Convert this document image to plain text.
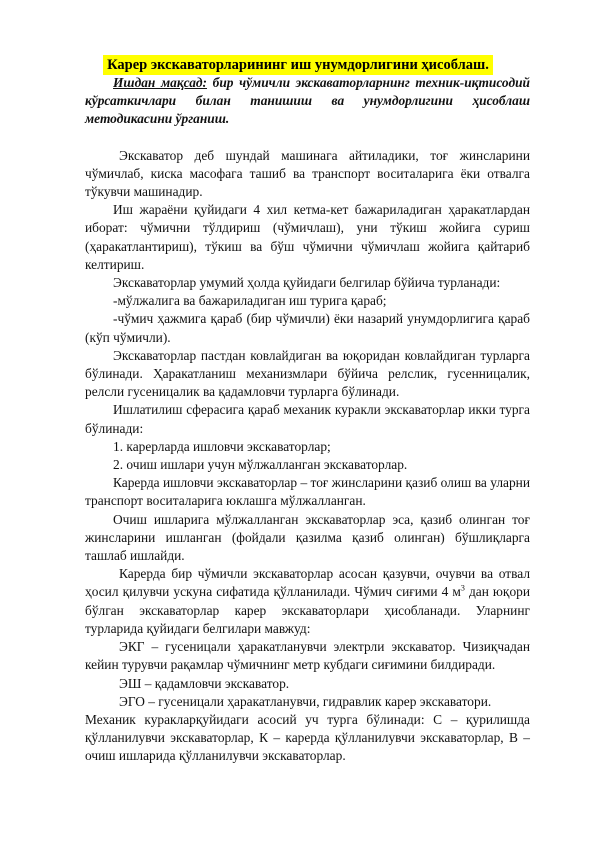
Карер экскаваторларининг иш унумдорлигини ҳисоблаш.

Ишдан мақсад: бир чўмичли экскаваторларнинг техник-иқтисодий кўрсаткичлари билан танишиш ва унумдорлигини ҳисоблаш методикасини ўрганиш.

Экскаватор деб шундай машинага айтиладики, тоғ жинсларини чўмичлаб, киска масофага ташиб ва транспорт воситаларига ёки отвалга тўкувчи машинадир.

Иш жараёни қуйидаги 4 хил кетма-кет бажариладиган ҳаракатлардан иборат: чўмични тўлдириш (чўмичлаш), уни тўкиш жойига суриш (ҳаракатлантириш), тўкиш ва бўш чўмични чўмичлаш жойига қайтариб келтириш.

Экскаваторлар умумий ҳолда қуйидаги белгилар бўйича турланади:

-мўлжалига ва бажариладиган иш турига қараб;

-чўмич ҳажмига қараб (бир чўмичли) ёки назарий унумдорлигига қараб (кўп чўмичли).

Экскаваторлар пастдан ковлайдиган ва юқоридан ковлайдиган турларга бўлинади. Ҳаракатланиш механизмлари бўйича релслик, гусенницалик, релсли гусеницалик ва қадамловчи турларга бўлинади.

Ишлатилиш сферасига қараб механик куракли экскаваторлар икки турга бўлинади:

1. карерларда ишловчи экскаваторлар;

2. очиш ишлари учун мўлжалланган экскаваторлар.

Карерда ишловчи экскаваторлар – тоғ жинсларини қазиб олиш ва уларни транспорт воситаларига юклашга мўлжалланган.

Очиш ишларига мўлжалланган экскаваторлар эса, қазиб олинган тоғ жинсларини ишланган (фойдали қазилма қазиб олинган) бўшлиқларга ташлаб ишлайди.

Карерда бир чўмичли экскаваторлар асосан қазувчи, очувчи ва отвал ҳосил қилувчи ускуна сифатида қўлланилади. Чўмич сиғими 4 $м^3$ дан юқори бўлган экскаваторлар карер экскаваторлари ҳисобланади. Уларнинг турларида қуйидаги белгилари мавжуд:

ЭКГ – гусеницали ҳаракатланувчи электрли экскаватор. Чизиқчадан кейин турувчи рақамлар чўмичнинг метр кубдаги сиғимини билдиради.

ЭШ – қадамловчи экскаватор.

ЭГО – гусеницали ҳаракатланувчи, гидравлик карер экскаватори.

Механик куракларқуйидаги асосий уч турга бўлинади: С – қурилишда қўлланилувчи экскаваторлар, К – карерда қўлланилувчи экскаваторлар, В – очиш ишларида қўлланилувчи экскаваторлар.
